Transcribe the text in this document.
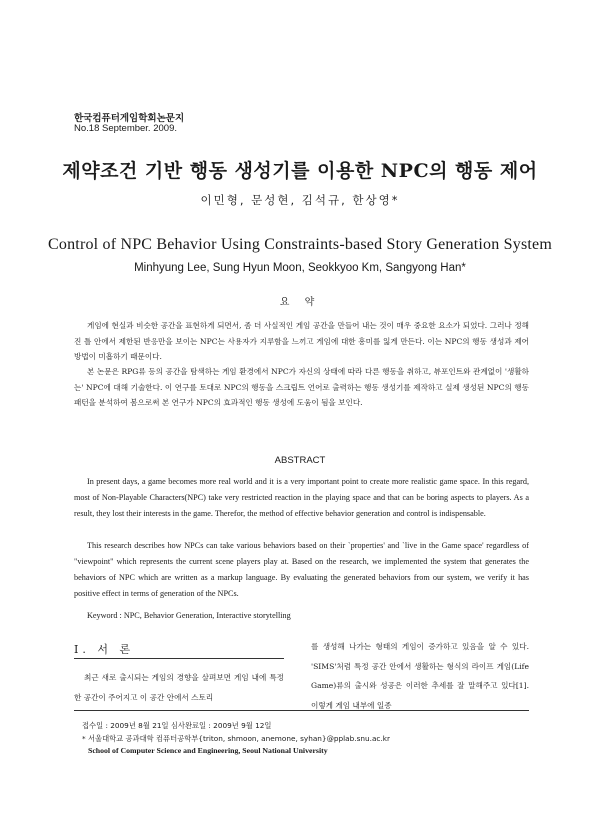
한국컴퓨터게임학회논문지
No.18 September. 2009.
제약조건 기반 행동 생성기를 이용한 NPC의 행동 제어
이민형, 문성현, 김석규, 한상영*
Control of NPC Behavior Using Constraints-based Story Generation System
Minhyung Lee, Sung Hyun Moon, Seokkyoo Km, Sangyong Han*
요 약
게임에 현실과 비슷한 공간을 표현하게 되면서, 좀 더 사실적인 게임 공간을 만들어 내는 것이 매우 중요한 요소가 되었다. 그러나 정해진 틀 안에서 제한된 반응만을 보이는 NPC는 사용자가 지루함을 느끼고 게임에 대한 흥미를 잃게 만든다. 이는 NPC의 행동 생성과 제어 방법이 미흡하기 때문이다.
본 논문은 RPG류 등의 공간을 탐색하는 게임 환경에서 NPC가 자신의 상태에 따라 다른 행동을 취하고, 뷰포인트와 관계없이 '생활하는' NPC에 대해 기술한다. 이 연구를 토대로 NPC의 행동을 스크립트 언어로 출력하는 행동 생성기를 제작하고 실제 생성된 NPC의 행동 패턴을 분석하여 봄으로써 본 연구가 NPC의 효과적인 행동 생성에 도움이 됨을 보인다.
ABSTRACT
In present days, a game becomes more real world and it is a very important point to create more realistic game space. In this regard, most of Non-Playable Characters(NPC) take very restricted reaction in the playing space and that can be boring aspects to players. As a result, they lost their interests in the game. Therefor, the method of effective behavior generation and control is indispensable.
This research describes how NPCs can take various behaviors based on their `properties' and `live in the Game space' regardless of "viewpoint" which represents the current scene players play at. Based on the research, we implemented the system that generates the behaviors of NPC which are written as a markup language. By evaluating the generated behaviors from our system, we verify it has positive effect in terms of generation of the NPCs.
Keyword : NPC, Behavior Generation, Interactive storytelling
I. 서 론
최근 새로 출시되는 게임의 경향을 살펴보면 게임 내에 특정한 공간이 주어지고 이 공간 안에서 스토리
를 생성해 나가는 형태의 게임이 증가하고 있음을 알 수 있다. 'SIMS'처럼 특정 공간 안에서 생활하는 형식의 라이프 게임(Life Game)류의 출시와 성공은 이러한 추세를 잘 말해주고 있다[1]. 이렇게 게임 내부에 일종
접수일 : 2009년 8월 21일 심사완료일 : 2009년 9월 12일
* 서울대학교 공과대학 컴퓨터공학부{triton, shmoon, anemone, syhan}@pplab.snu.ac.kr
School of Computer Science and Engineering, Seoul National University
